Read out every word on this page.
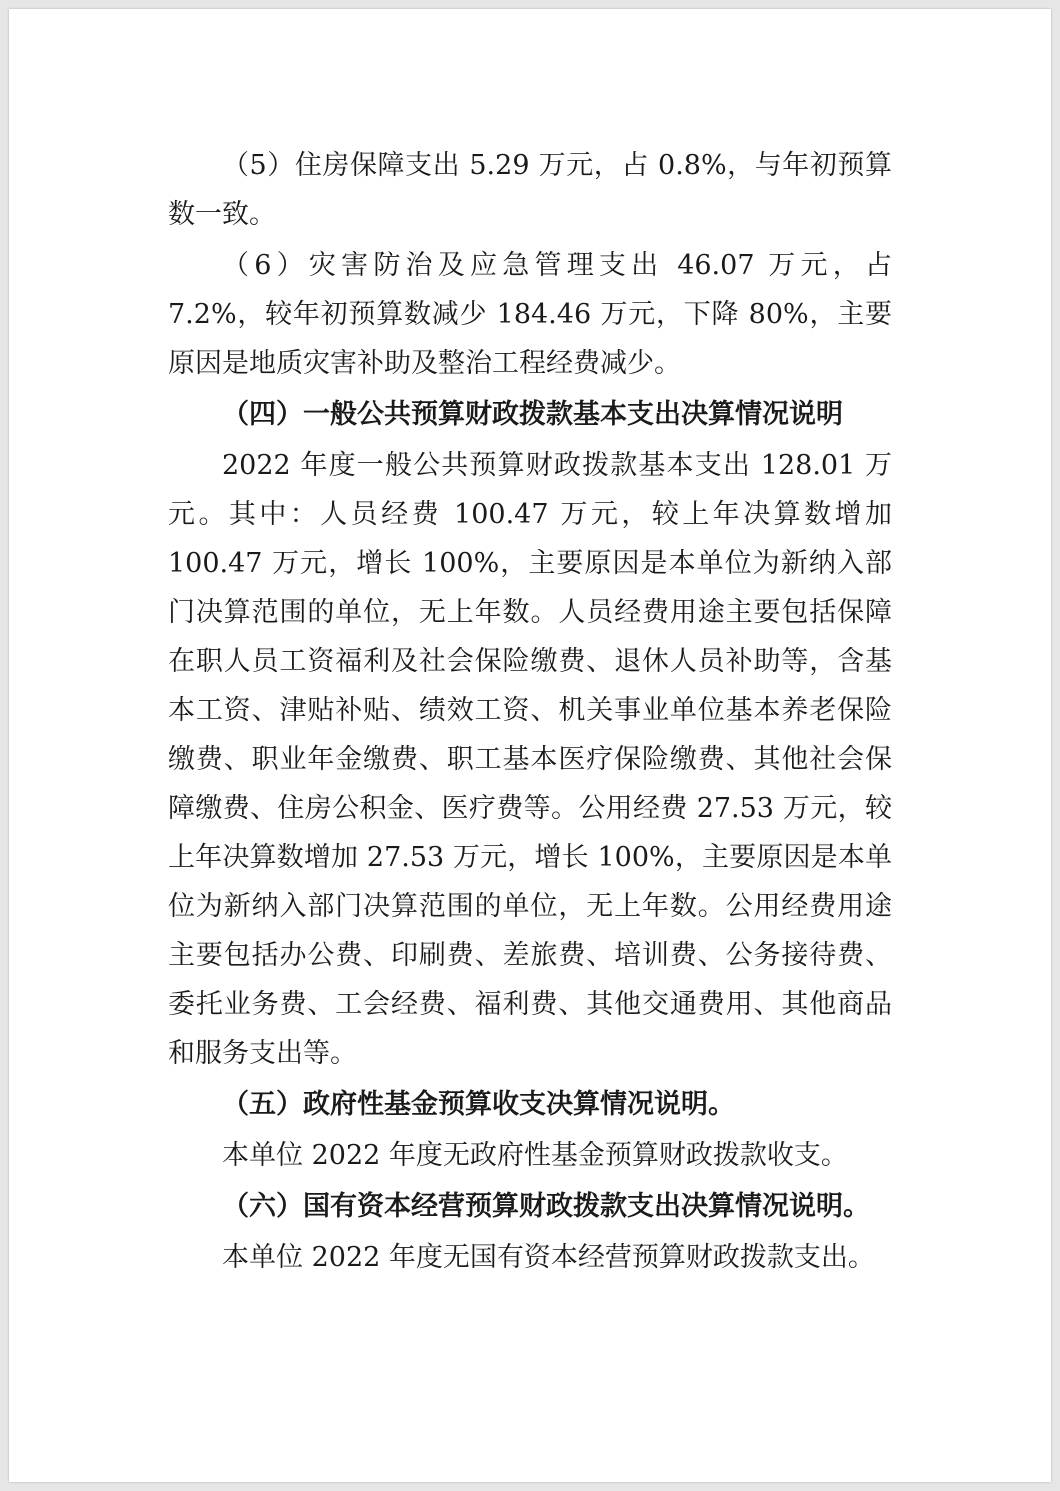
（5）住房保障支出 5.29 万元，占 0.8%，与年初预算数一致。

（6）灾害防治及应急管理支出 46.07 万元，占 7.2%，较年初预算数减少 184.46 万元，下降 80%，主要原因是地质灾害补助及整治工程经费减少。

（四）一般公共预算财政拨款基本支出决算情况说明

2022 年度一般公共预算财政拨款基本支出 128.01 万元。其中：人员经费 100.47 万元，较上年决算数增加 100.47 万元，增长 100%，主要原因是本单位为新纳入部门决算范围的单位，无上年数。人员经费用途主要包括保障在职人员工资福利及社会保险缴费、退休人员补助等，含基本工资、津贴补贴、绩效工资、机关事业单位基本养老保险缴费、职业年金缴费、职工基本医疗保险缴费、其他社会保障缴费、住房公积金、医疗费等。公用经费 27.53 万元，较上年决算数增加 27.53 万元，增长 100%，主要原因是本单位为新纳入部门决算范围的单位，无上年数。公用经费用途主要包括办公费、印刷费、差旅费、培训费、公务接待费、委托业务费、工会经费、福利费、其他交通费用、其他商品和服务支出等。

（五）政府性基金预算收支决算情况说明。

本单位 2022 年度无政府性基金预算财政拨款收支。

（六）国有资本经营预算财政拨款支出决算情况说明。

本单位 2022 年度无国有资本经营预算财政拨款支出。
